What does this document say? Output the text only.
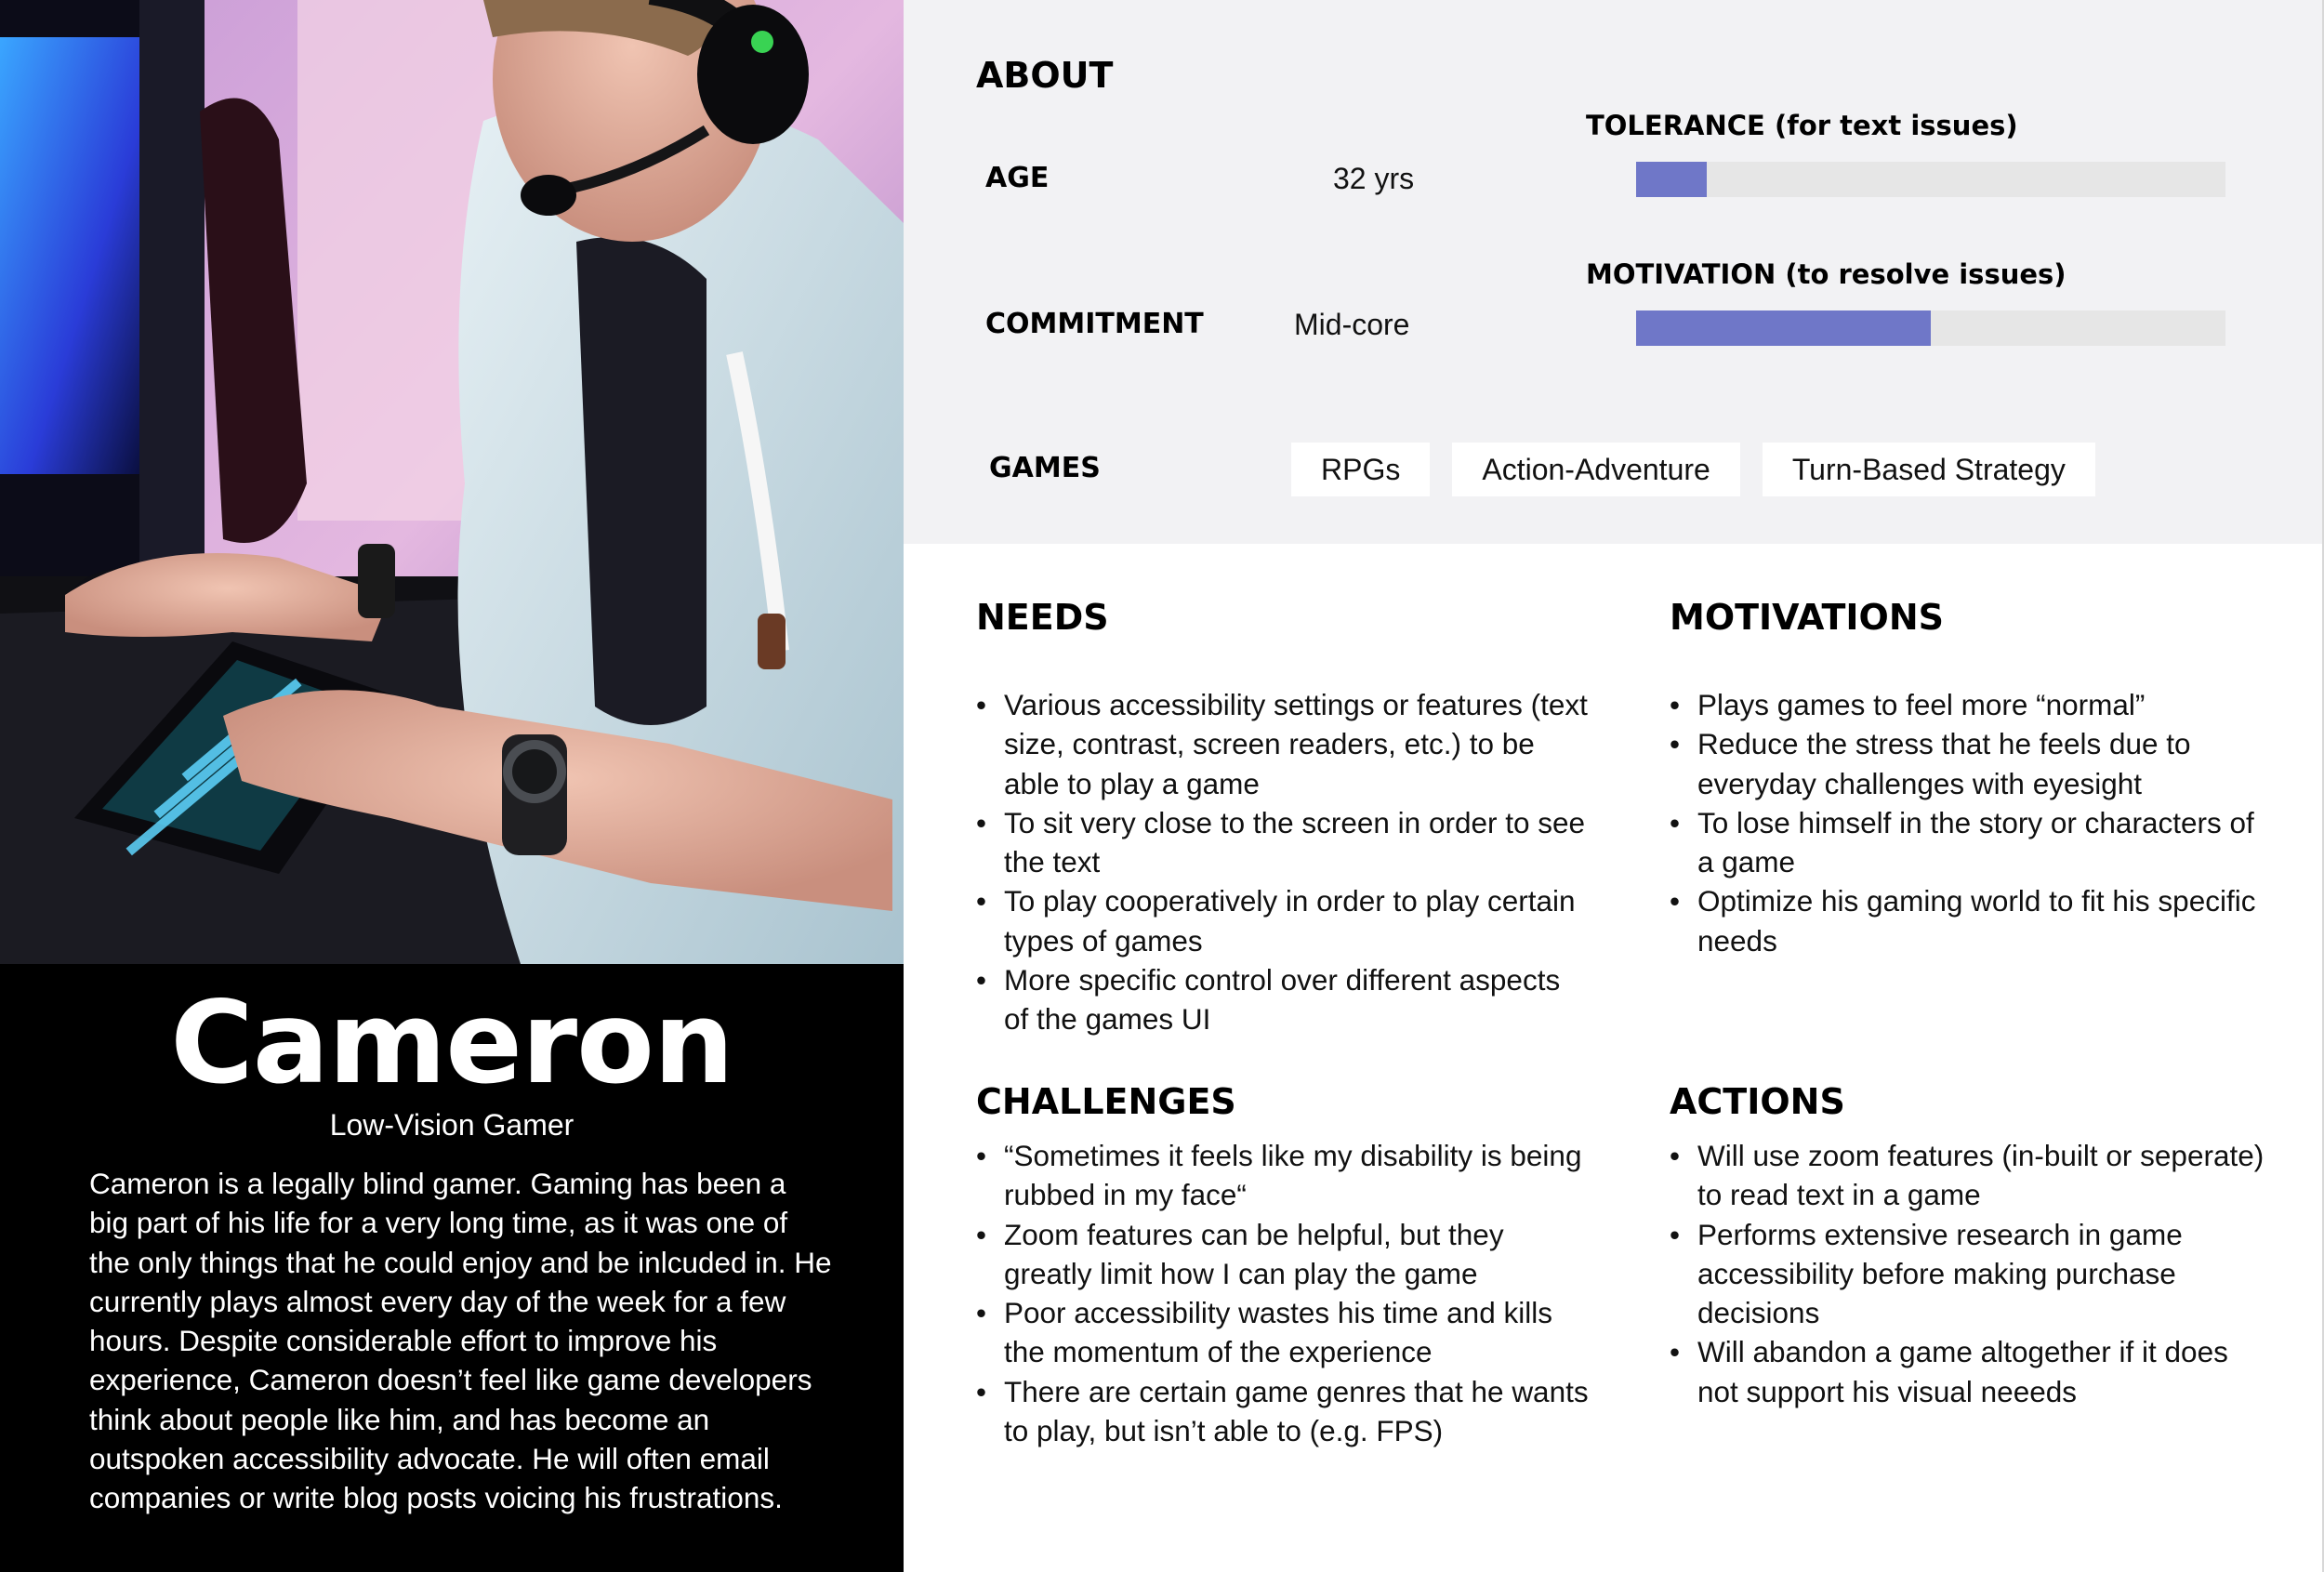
Cameron
Low-Vision Gamer
Cameron is a legally blind gamer. Gaming has been a big part of his life for a very long time, as it was one of the only things that he could enjoy and be inlcuded in. He currently plays almost every day of the week for a few hours. Despite considerable effort to improve his experience, Cameron doesn’t feel like game developers think about people like him, and has become an outspoken accessibility advocate. He will often email companies or write blog posts voicing his frustrations.
ABOUT
AGE	32 yrs
COMMITMENT	Mid-core
GAMES	RPGs	Action-Adventure	Turn-Based Strategy
TOLERANCE (for text issues)
MOTIVATION (to resolve issues)
NEEDS
• Various accessibility settings or features (text size, contrast, screen readers, etc.) to be able to play a game
• To sit very close to the screen in order to see the text
• To play cooperatively in order to play certain types of games
• More specific control over different aspects of the games UI
MOTIVATIONS
• Plays games to feel more “normal”
• Reduce the stress that he feels due to everyday challenges with eyesight
• To lose himself in the story or characters of a game
• Optimize his gaming world to fit his specific needs
CHALLENGES
• “Sometimes it feels like my disability is being rubbed in my face“
• Zoom features can be helpful, but they greatly limit how I can play the game
• Poor accessibility wastes his time and kills the momentum of the experience
• There are certain game genres that he wants to play, but isn’t able to (e.g. FPS)
ACTIONS
• Will use zoom features (in-built or seperate) to read text in a game
• Performs extensive research in game accessibility before making purchase decisions
• Will abandon a game altogether if it does not support his visual neeeds
